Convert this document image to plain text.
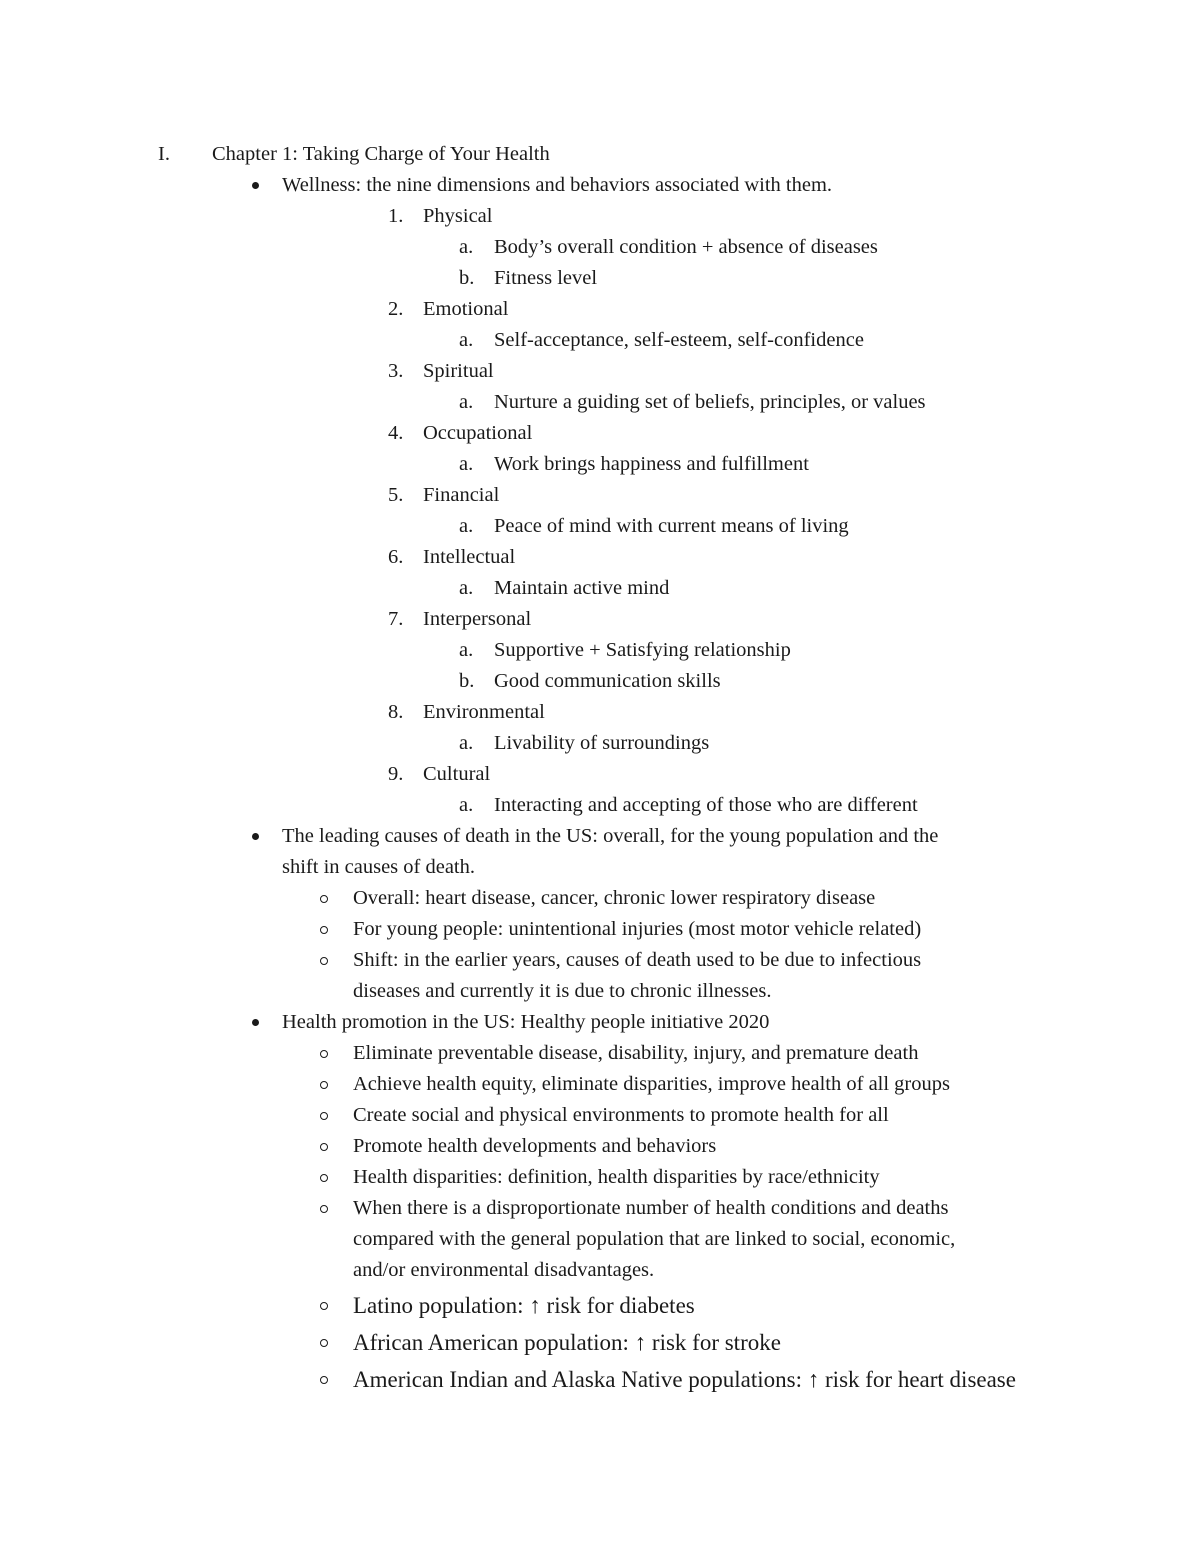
I. Chapter 1: Taking Charge of Your Health
Wellness: the nine dimensions and behaviors associated with them.
1. Physical
a. Body’s overall condition + absence of diseases
b. Fitness level
2. Emotional
a. Self-acceptance, self-esteem, self-confidence
3. Spiritual
a. Nurture a guiding set of beliefs, principles, or values
4. Occupational
a. Work brings happiness and fulfillment
5. Financial
a. Peace of mind with current means of living
6. Intellectual
a. Maintain active mind
7. Interpersonal
a. Supportive + Satisfying relationship
b. Good communication skills
8. Environmental
a. Livability of surroundings
9. Cultural
a. Interacting and accepting of those who are different
The leading causes of death in the US: overall, for the young population and the
shift in causes of death.
Overall: heart disease, cancer, chronic lower respiratory disease
For young people: unintentional injuries (most motor vehicle related)
Shift: in the earlier years, causes of death used to be due to infectious
diseases and currently it is due to chronic illnesses.
Health promotion in the US: Healthy people initiative 2020
Eliminate preventable disease, disability, injury, and premature death
Achieve health equity, eliminate disparities, improve health of all groups
Create social and physical environments to promote health for all
Promote health developments and behaviors
Health disparities: definition, health disparities by race/ethnicity
When there is a disproportionate number of health conditions and deaths
compared with the general population that are linked to social, economic,
and/or environmental disadvantages.
Latino population: ↑ risk for diabetes
African American population: ↑ risk for stroke
American Indian and Alaska Native populations: ↑ risk for heart disease
